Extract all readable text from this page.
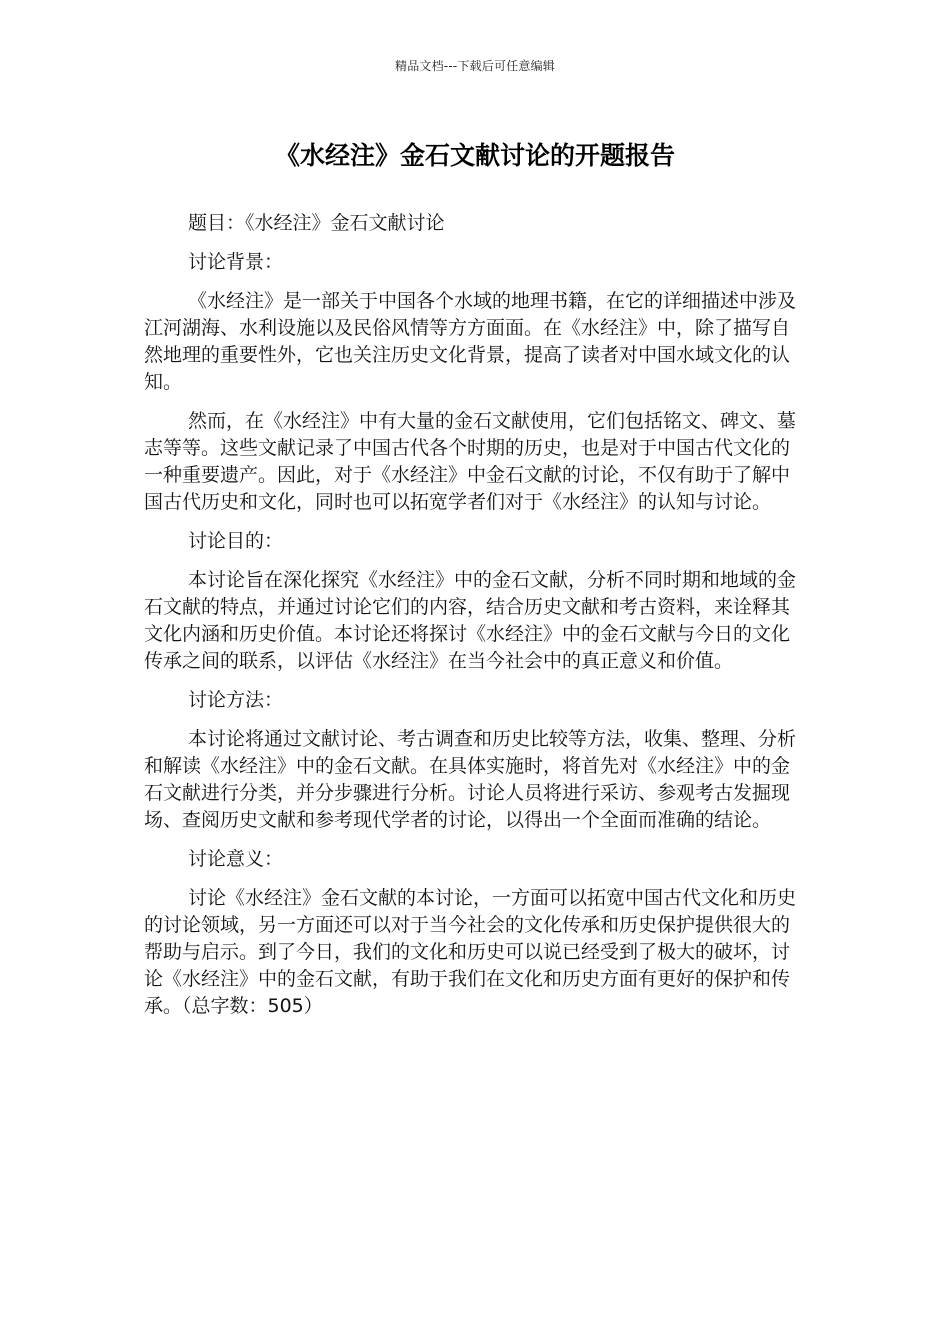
精品文档---下载后可任意编辑
《水经注》金石文献讨论的开题报告

题目：《水经注》金石文献讨论

讨论背景：

《水经注》是一部关于中国各个水域的地理书籍，在它的详细描述中涉及江河湖海、水利设施以及民俗风情等方方面面。在《水经注》中，除了描写自然地理的重要性外，它也关注历史文化背景，提高了读者对中国水域文化的认知。

然而，在《水经注》中有大量的金石文献使用，它们包括铭文、碑文、墓志等等。这些文献记录了中国古代各个时期的历史，也是对于中国古代文化的一种重要遗产。因此，对于《水经注》中金石文献的讨论，不仅有助于了解中国古代历史和文化，同时也可以拓宽学者们对于《水经注》的认知与讨论。

讨论目的：

本讨论旨在深化探究《水经注》中的金石文献，分析不同时期和地域的金石文献的特点，并通过讨论它们的内容，结合历史文献和考古资料，来诠释其文化内涵和历史价值。本讨论还将探讨《水经注》中的金石文献与今日的文化传承之间的联系，以评估《水经注》在当今社会中的真正意义和价值。

讨论方法：

本讨论将通过文献讨论、考古调查和历史比较等方法，收集、整理、分析和解读《水经注》中的金石文献。在具体实施时，将首先对《水经注》中的金石文献进行分类，并分步骤进行分析。讨论人员将进行采访、参观考古发掘现场、查阅历史文献和参考现代学者的讨论，以得出一个全面而准确的结论。

讨论意义：

讨论《水经注》金石文献的本讨论，一方面可以拓宽中国古代文化和历史的讨论领域，另一方面还可以对于当今社会的文化传承和历史保护提供很大的帮助与启示。到了今日，我们的文化和历史可以说已经受到了极大的破坏，讨论《水经注》中的金石文献，有助于我们在文化和历史方面有更好的保护和传承。（总字数：505）
